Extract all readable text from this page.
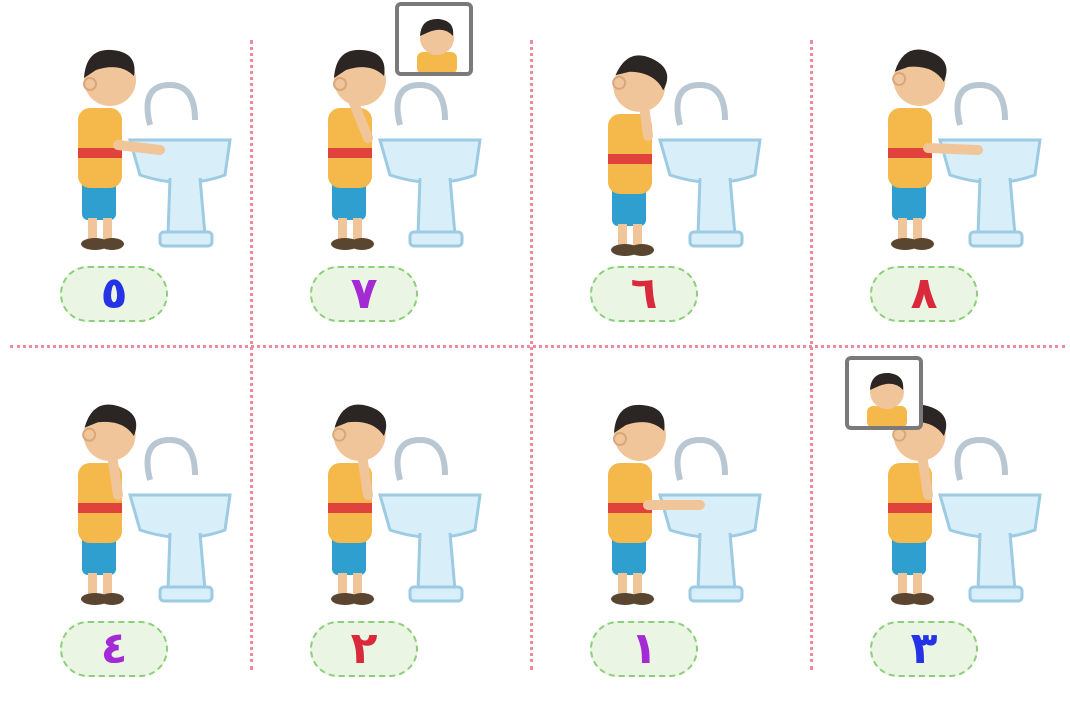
٥	٧	٦	٨
٤	٢	١	٣
